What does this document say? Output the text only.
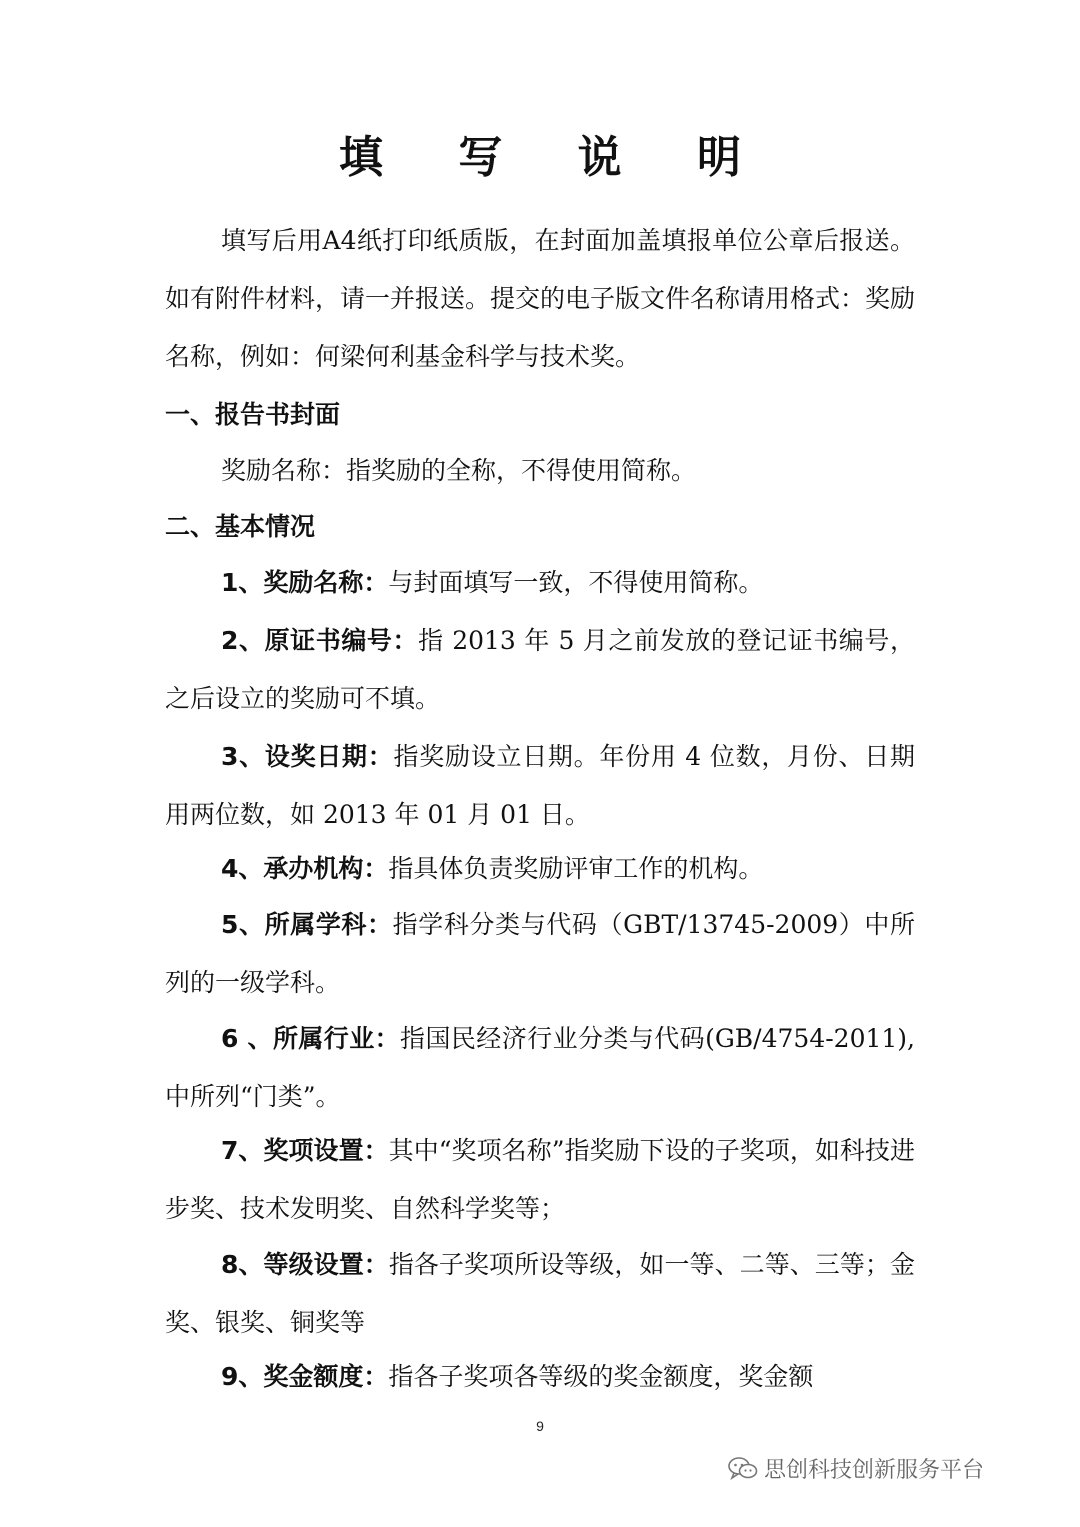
填 写 说 明

填写后用A4纸打印纸质版，在封面加盖填报单位公章后报送。如有附件材料，请一并报送。提交的电子版文件名称请用格式：奖励名称，例如：何梁何利基金科学与技术奖。

一、报告书封面

奖励名称：指奖励的全称，不得使用简称。

二、基本情况

1、奖励名称：与封面填写一致，不得使用简称。

2、原证书编号：指 2013 年 5 月之前发放的登记证书编号，之后设立的奖励可不填。

3、设奖日期：指奖励设立日期。年份用 4 位数，月份、日期用两位数，如 2013 年 01 月 01 日。

4、承办机构：指具体负责奖励评审工作的机构。

5、所属学科：指学科分类与代码（GBT/13745-2009）中所列的一级学科。

6 、所属行业：指国民经济行业分类与代码(GB/4754-2011),中所列“门类”。

7、奖项设置：其中“奖项名称”指奖励下设的子奖项，如科技进步奖、技术发明奖、自然科学奖等；

8、等级设置：指各子奖项所设等级，如一等、二等、三等；金奖、银奖、铜奖等

9、奖金额度：指各子奖项各等级的奖金额度，奖金额

9
思创科技创新服务平台
